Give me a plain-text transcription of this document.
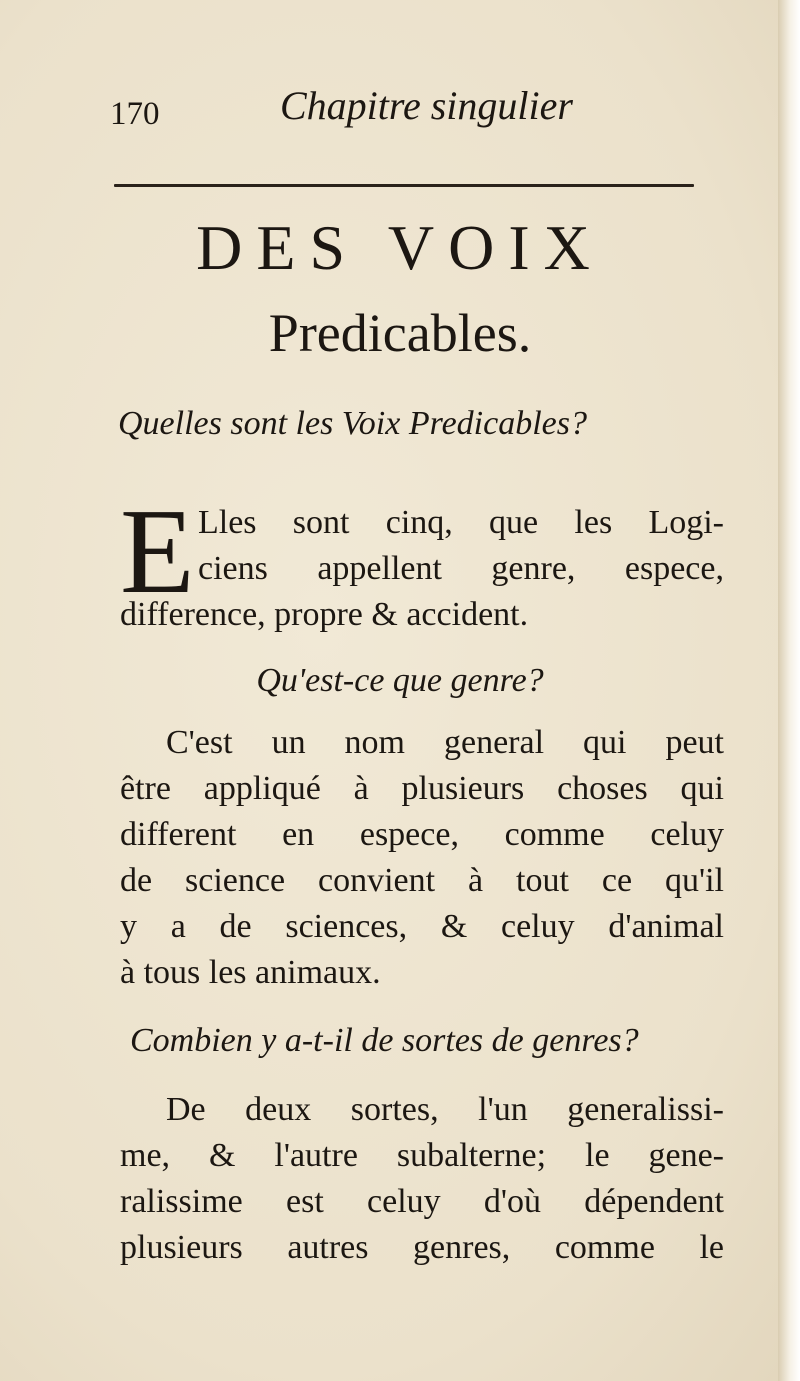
170	Chapitre singulier
DES VOIX
Predicables.
Quelles sont les Voix Predicables?
E Lles sont cinq, que les Logi-
ciens appellent genre, espece,
difference, propre & accident.
Qu'est-ce que genre?
C'est un nom general qui peut
être appliqué à plusieurs choses qui
different en espece, comme celuy
de science convient à tout ce qu'il
y a de sciences, & celuy d'animal
à tous les animaux.
Combien y a-t-il de sortes de genres?
De deux sortes, l'un generalissi-
me, & l'autre subalterne; le gene-
ralissime est celuy d'où dépendent
plusieurs autres genres, comme le
